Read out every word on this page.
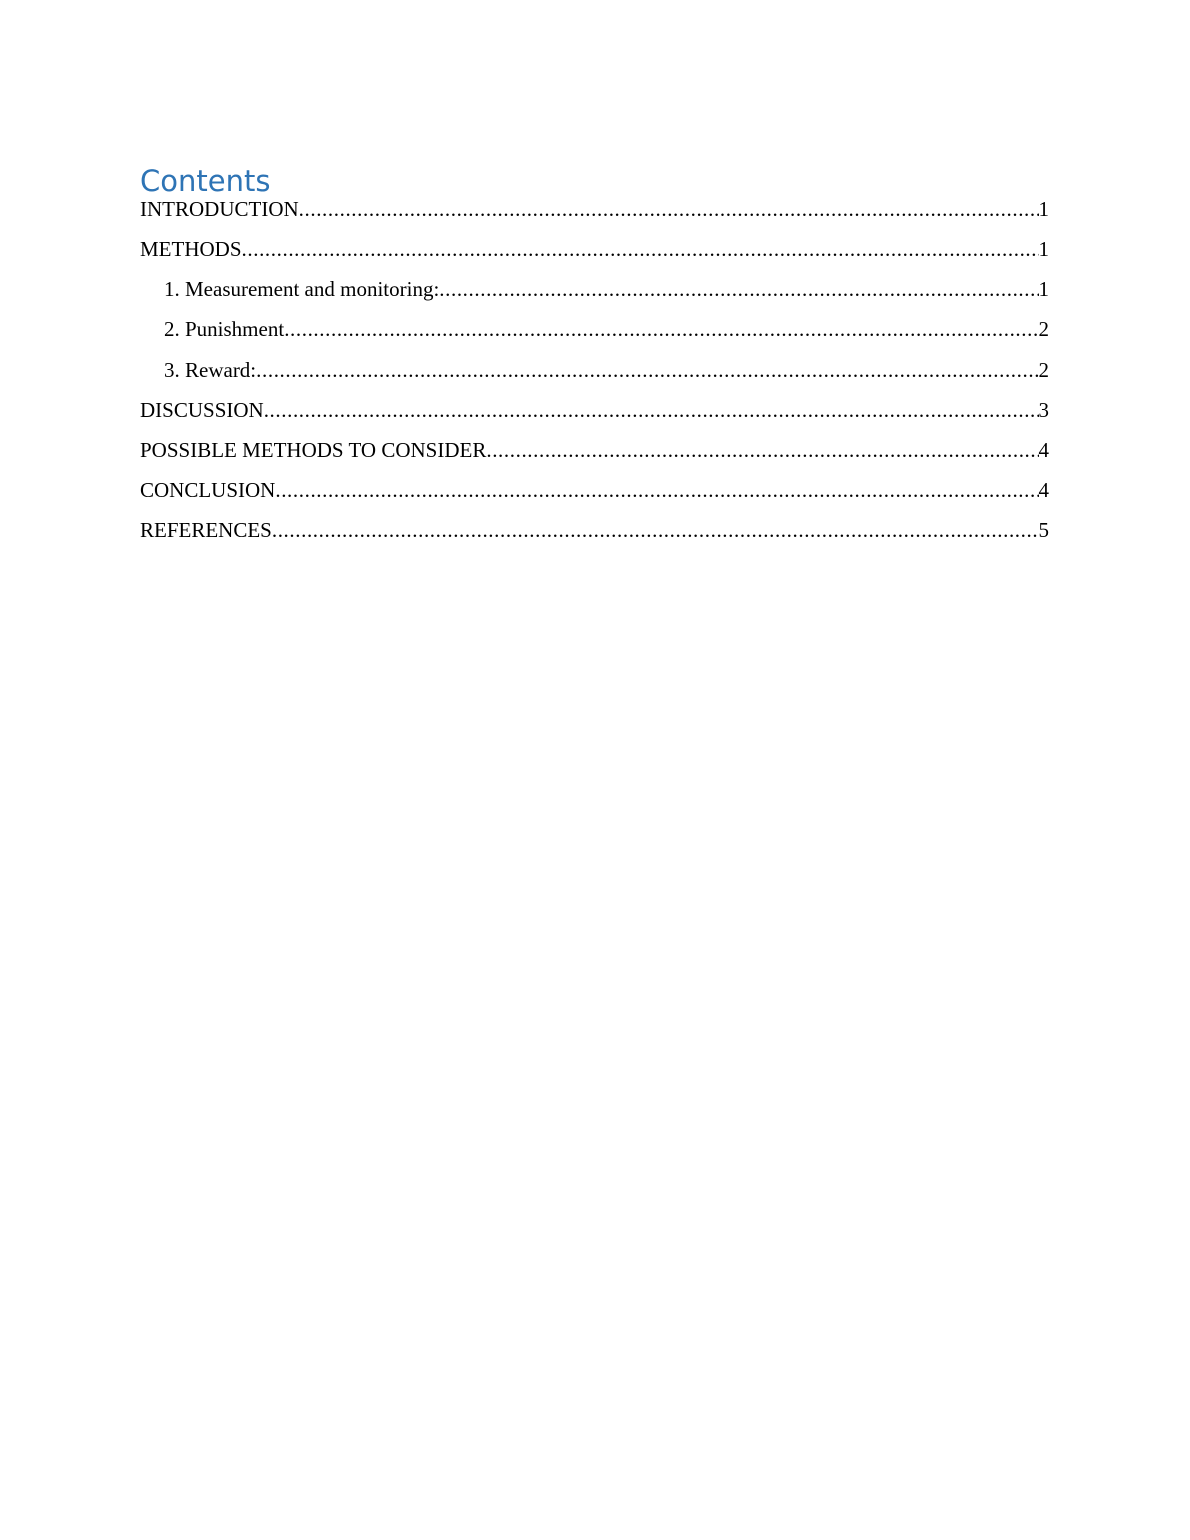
Contents
INTRODUCTION .....	1
METHODS .....	1
1. Measurement and monitoring: .....	1
2. Punishment .....	2
3. Reward: .....	2
DISCUSSION .....	3
POSSIBLE METHODS TO CONSIDER .....	4
CONCLUSION .....	4
REFERENCES .....	5
